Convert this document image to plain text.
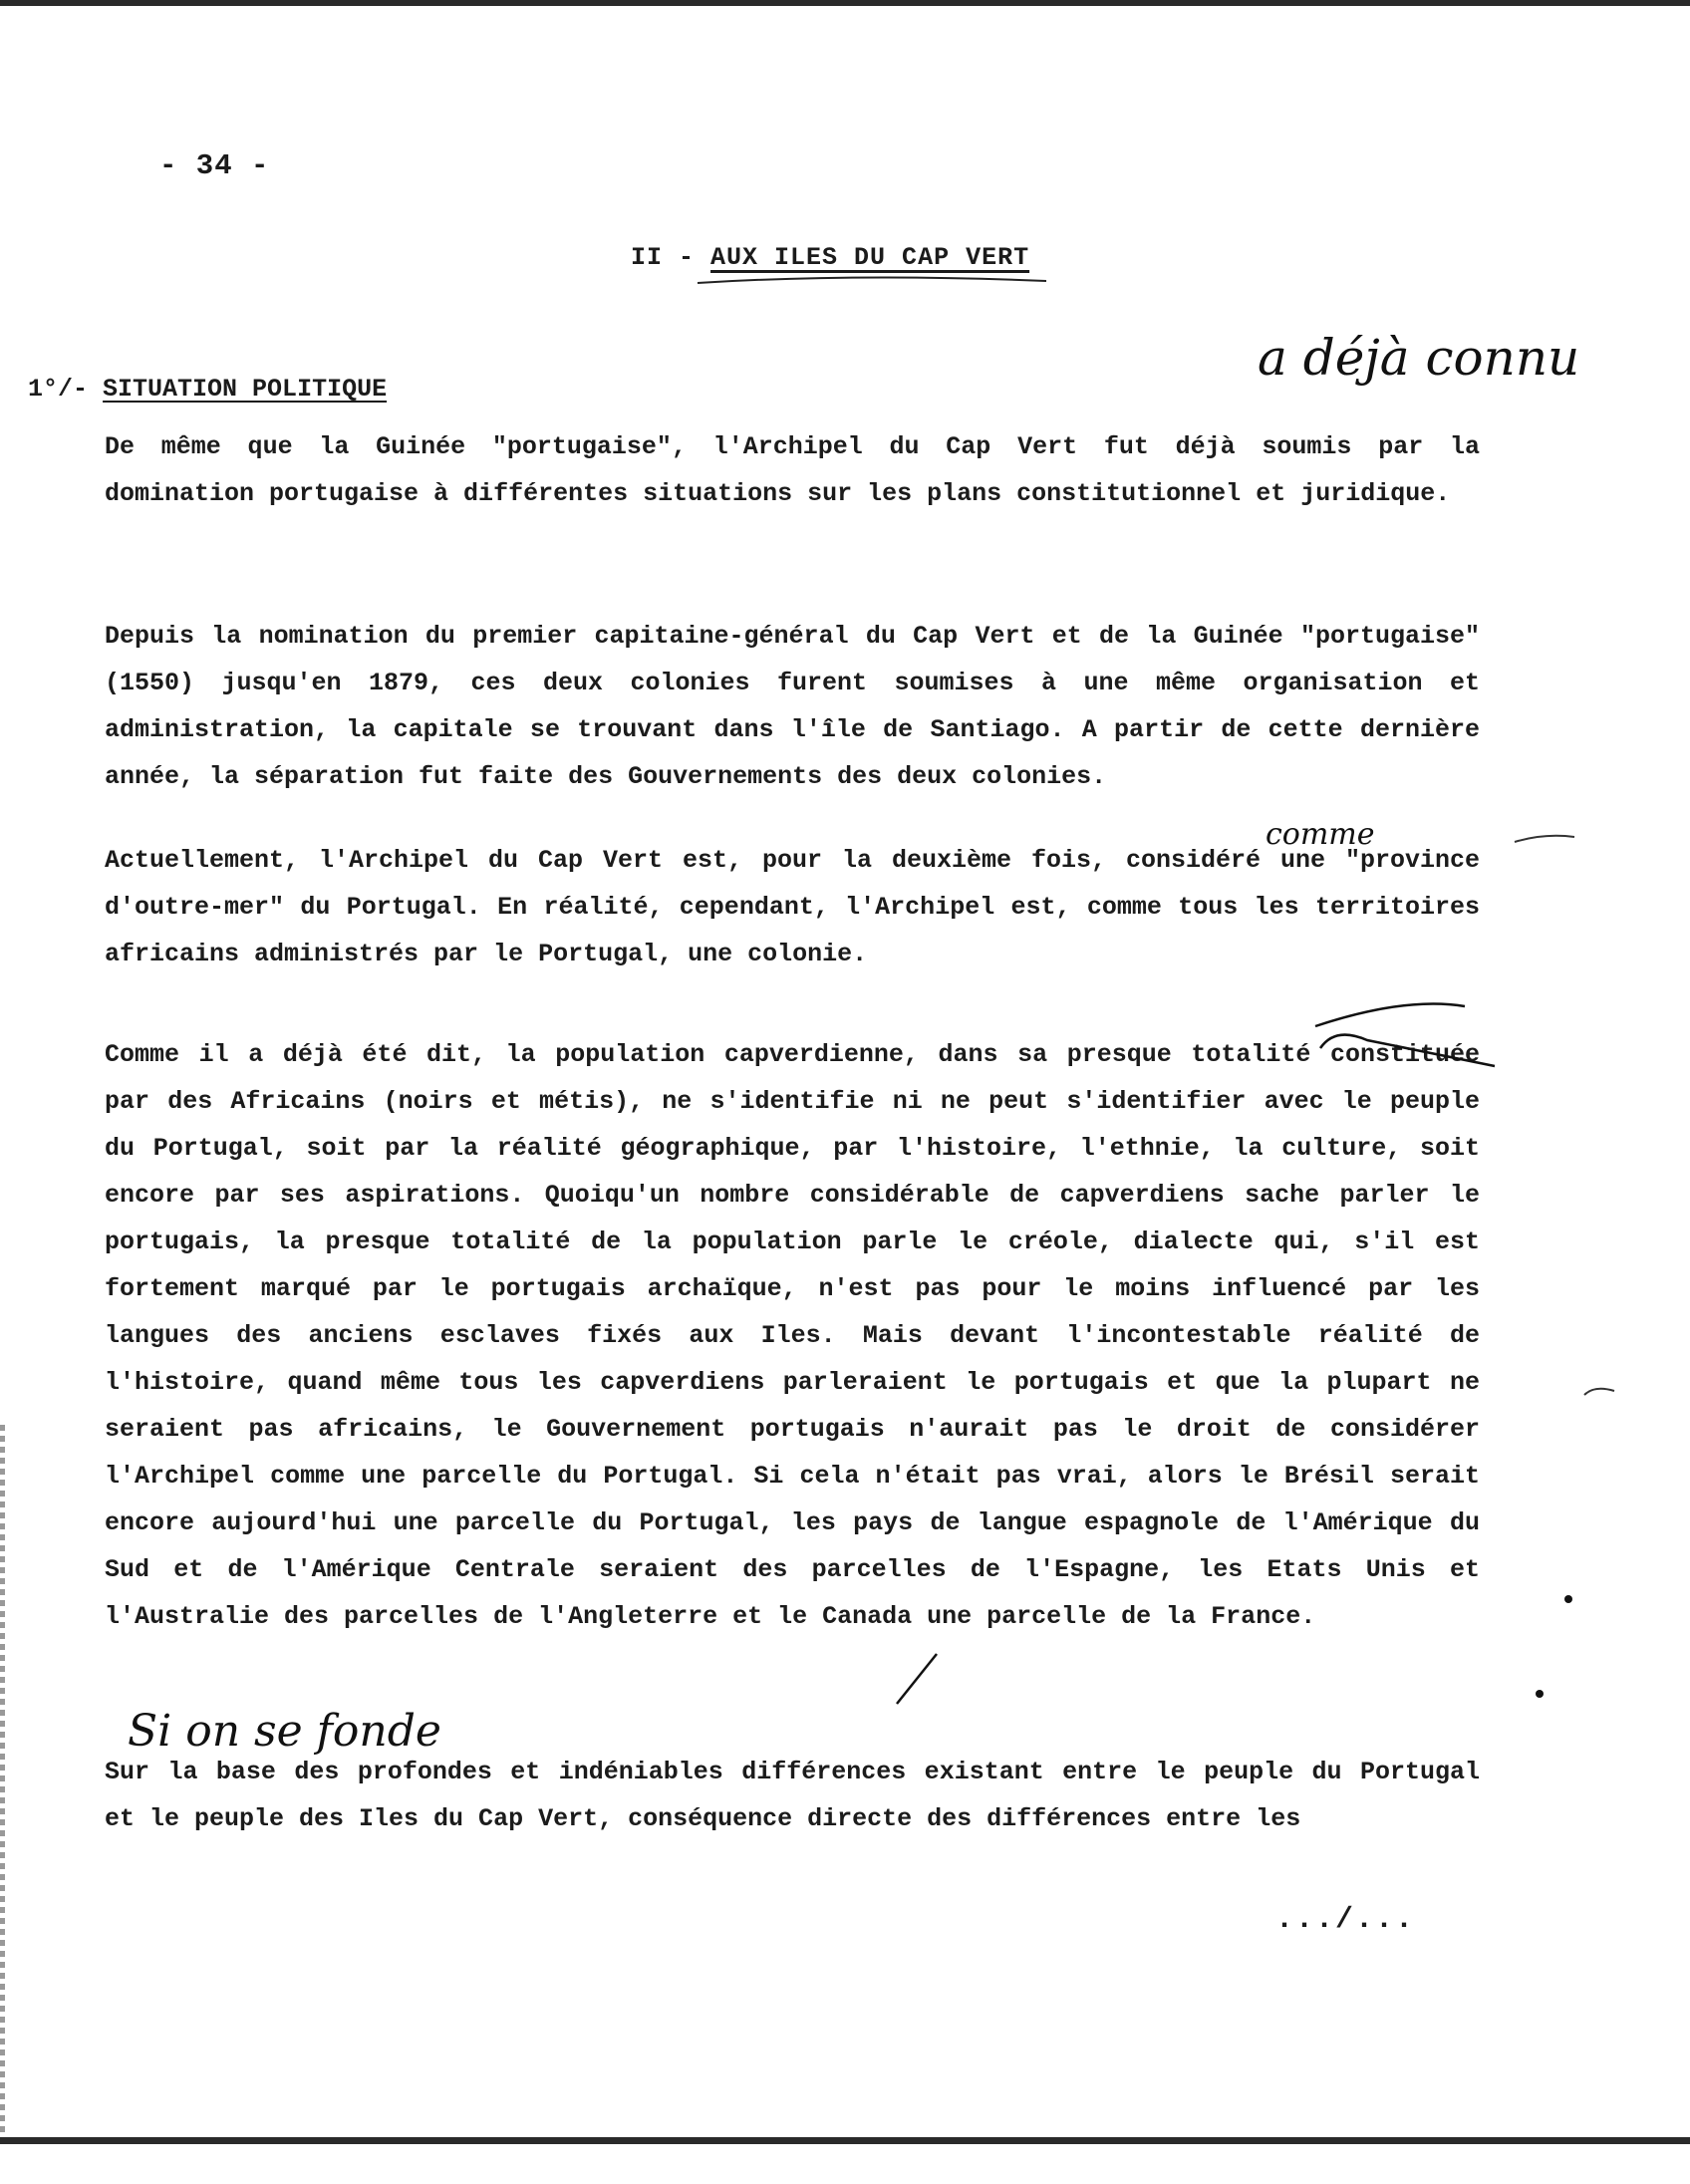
- 34 -
II - AUX ILES DU CAP VERT
1°/- SITUATION POLITIQUE
De même que la Guinée "portugaise", l'Archipel du Cap Vert fut déjà soumis par la domination portugaise à différentes situations sur les plans constitutionnel et juridique.
Depuis la nomination du premier capitaine-général du Cap Vert et de la Guinée "portugaise" (1550) jusqu'en 1879, ces deux colonies furent soumises à une même organisation et administration, la capitale se trouvant dans l'île de Santiago. A partir de cette dernière année, la séparation fut faite des Gouvernements des deux colonies.
Actuellement, l'Archipel du Cap Vert est, pour la deuxième fois, considéré une "province d'outre-mer" du Portugal. En réalité, cependant, l'Archipel est, comme tous les territoires africains administrés par le Portugal, une colonie.
Comme il a déjà été dit, la population capverdienne, dans sa presque totalité constituée par des Africains (noirs et métis), ne s'identifie ni ne peut s'identifier avec le peuple du Portugal, soit par la réalité géographique, par l'histoire, l'ethnie, la culture, soit encore par ses aspirations. Quoiqu'un nombre considérable de capverdiens sache parler le portugais, la presque totalité de la population parle le créole, dialecte qui, s'il est fortement marqué par le portugais archaïque, n'est pas pour le moins influencé par les langues des anciens esclaves fixés aux Iles. Mais devant l'incontestable réalité de l'histoire, quand même tous les capverdiens parleraient le portugais et que la plupart ne seraient pas africains, le Gouvernement portugais n'aurait pas le droit de considérer l'Archipel comme une parcelle du Portugal. Si cela n'était pas vrai, alors le Brésil serait encore aujourd'hui une parcelle du Portugal, les pays de langue espagnole de l'Amérique du Sud et de l'Amérique Centrale seraient des parcelles de l'Espagne, les Etats Unis et l'Australie des parcelles de l'Angleterre et le Canada une parcelle de la France.
Sur la base des profondes et indéniables différences existant entre le peuple du Portugal et le peuple des Iles du Cap Vert, conséquence directe des différences entre les
.../...
a déjà connu
comme
Si on se fonde
